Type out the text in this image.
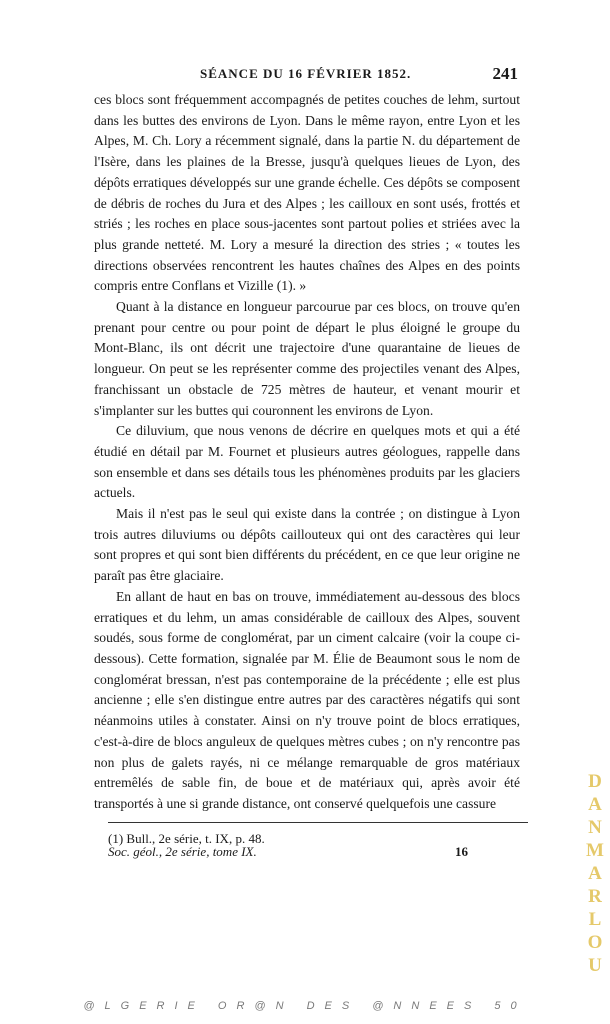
SÉANCE DU 16 FÉVRIER 1852.	241

ces blocs sont fréquemment accompagnés de petites couches de lehm, surtout dans les buttes des environs de Lyon. Dans le même rayon, entre Lyon et les Alpes, M. Ch. Lory a récemment signalé, dans la partie N. du département de l'Isère, dans les plaines de la Bresse, jusqu'à quelques lieues de Lyon, des dépôts erratiques développés sur une grande échelle. Ces dépôts se composent de débris de roches du Jura et des Alpes ; les cailloux en sont usés, frottés et striés ; les roches en place sous-jacentes sont partout polies et striées avec la plus grande netteté. M. Lory a mesuré la direction des stries ; « toutes les directions observées rencontrent les hautes chaînes des Alpes en des points compris entre Conflans et Vizille (1). »

Quant à la distance en longueur parcourue par ces blocs, on trouve qu'en prenant pour centre ou pour point de départ le plus éloigné le groupe du Mont-Blanc, ils ont décrit une trajectoire d'une quarantaine de lieues de longueur. On peut se les représenter comme des projectiles venant des Alpes, franchissant un obstacle de 725 mètres de hauteur, et venant mourir et s'implanter sur les buttes qui couronnent les environs de Lyon.

Ce diluvium, que nous venons de décrire en quelques mots et qui a été étudié en détail par M. Fournet et plusieurs autres géologues, rappelle dans son ensemble et dans ses détails tous les phénomènes produits par les glaciers actuels.

Mais il n'est pas le seul qui existe dans la contrée ; on distingue à Lyon trois autres diluviums ou dépôts caillouteux qui ont des caractères qui leur sont propres et qui sont bien différents du précédent, en ce que leur origine ne paraît pas être glaciaire.

En allant de haut en bas on trouve, immédiatement au-dessous des blocs erratiques et du lehm, un amas considérable de cailloux des Alpes, souvent soudés, sous forme de conglomérat, par un ciment calcaire (voir la coupe ci-dessous). Cette formation, signalée par M. Élie de Beaumont sous le nom de conglomérat bressan, n'est pas contemporaine de la précédente ; elle est plus ancienne ; elle s'en distingue entre autres par des caractères négatifs qui sont néanmoins utiles à constater. Ainsi on n'y trouve point de blocs erratiques, c'est-à-dire de blocs anguleux de quelques mètres cubes ; on n'y rencontre pas non plus de galets rayés, ni ce mélange remarquable de gros matériaux entremêlés de sable fin, de boue et de matériaux qui, après avoir été transportés à une si grande distance, ont conservé quelquefois une cassure

(1) Bull., 2e série, t. IX, p. 48.
Soc. géol., 2e série, tome IX.	16
@LGERIE OR@N DES @NNEES 50
DANMARLOU
